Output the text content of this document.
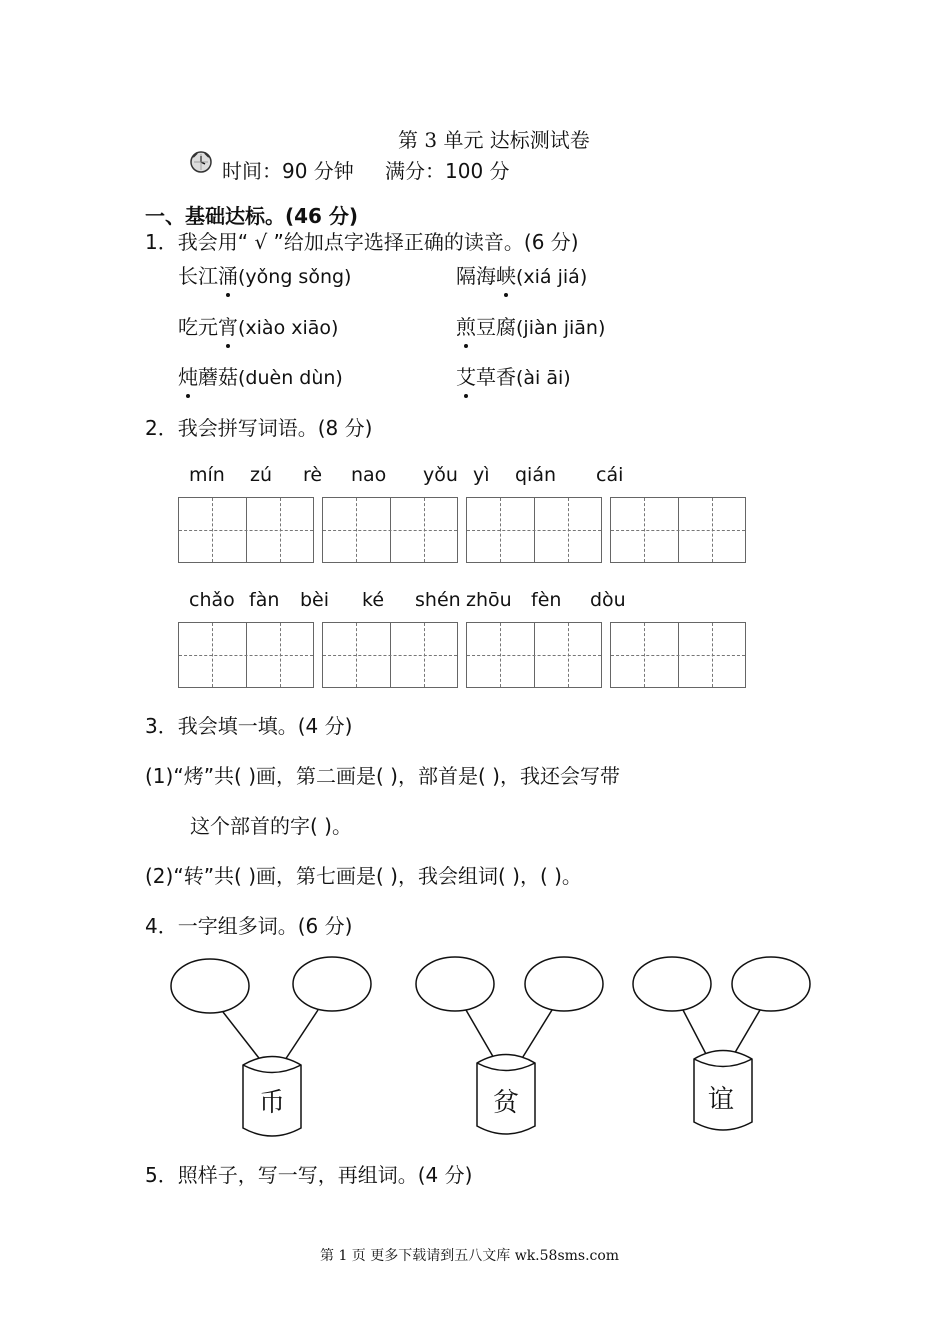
第 3 单元 达标测试卷
时间：90 分钟 满分：100 分
一、基础达标。(46 分)
1．我会用“ √ ”给加点字选择正确的读音。(6 分)
长江涌(yǒng sǒng)	隔海峡(xiá jiá)
吃元宵(xiào xiāo)	煎豆腐(jiàn jiān)
炖蘑菇(duèn dùn)	艾草香(ài āi)
2．我会拼写词语。(8 分)
mín zú rè nao yǒu yì qián cái
chǎo fàn bèi ké shén zhōu fèn dòu
3．我会填一填。(4 分)
(1)“烤”共( )画，第二画是( )，部首是( )，我还会写带
这个部首的字( )。
(2)“转”共( )画，第七画是( )，我会组词( )，( )。
4．一字组多词。(6 分)
币	贫	谊
5．照样子，写一写，再组词。(4 分)
第 1 页 更多下载请到五八文库 wk.58sms.com
